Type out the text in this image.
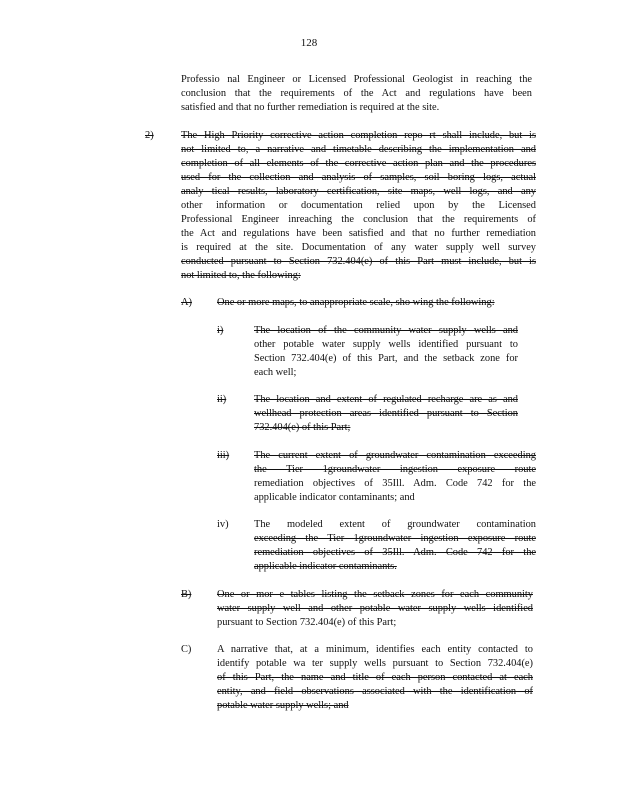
128
Professio nal Engineer or Licensed Professional Geologist in reaching the
conclusion that the requirements of the Act and regulations have been
satisfied and that no further remediation is required at the site.
2)	The High Priority corrective action completion repo rt shall include, but is
not limited to, a narrative and timetable describing the implementation and
completion of all elements of the corrective action plan and the procedures
used for the collection and analysis of samples, soil boring logs, actual
analy tical results, laboratory certification, site maps, well logs, and any
other information or documentation relied upon by the Licensed
Professional Engineer inreaching the conclusion that the requirements of
the Act and regulations have been satisfied and that no further remediation
is required at the site. Documentation of any water supply well survey
conducted pursuant to Section 732.404(e) of this Part must include, but is
not limited to, the following:
A) One or more maps, to anappropriate scale, sho wing the following:
i)	The location of the community water supply wells and
other potable water supply wells identified pursuant to
Section 732.404(e) of this Part, and the setback zone for
each well;
ii)	The location and extent of regulated recharge are as and
wellhead protection areas identified pursuant to Section
732.404(e) of this Part;
iii) The current extent of groundwater contamination exceeding
the Tier 1groundwater ingestion exposure route
remediation objectives of 35Ill. Adm. Code 742 for the
applicable indicator contaminants; and
iv) The modeled extent of groundwater contamination
exceeding the Tier 1groundwater ingestion exposure route
remediation objectives of 35Ill. Adm. Code 742 for the
applicable indicator contaminants.
B) One or mor e tables listing the setback zones for each community
water supply well and other potable water supply wells identified
pursuant to Section 732.404(e) of this Part;
C) A narrative that, at a minimum, identifies each entity contacted to
identify potable wa ter supply wells pursuant to Section 732.404(e)
of this Part, the name and title of each person contacted at each
entity, and field observations associated with the identification of
potable water supply wells; and
